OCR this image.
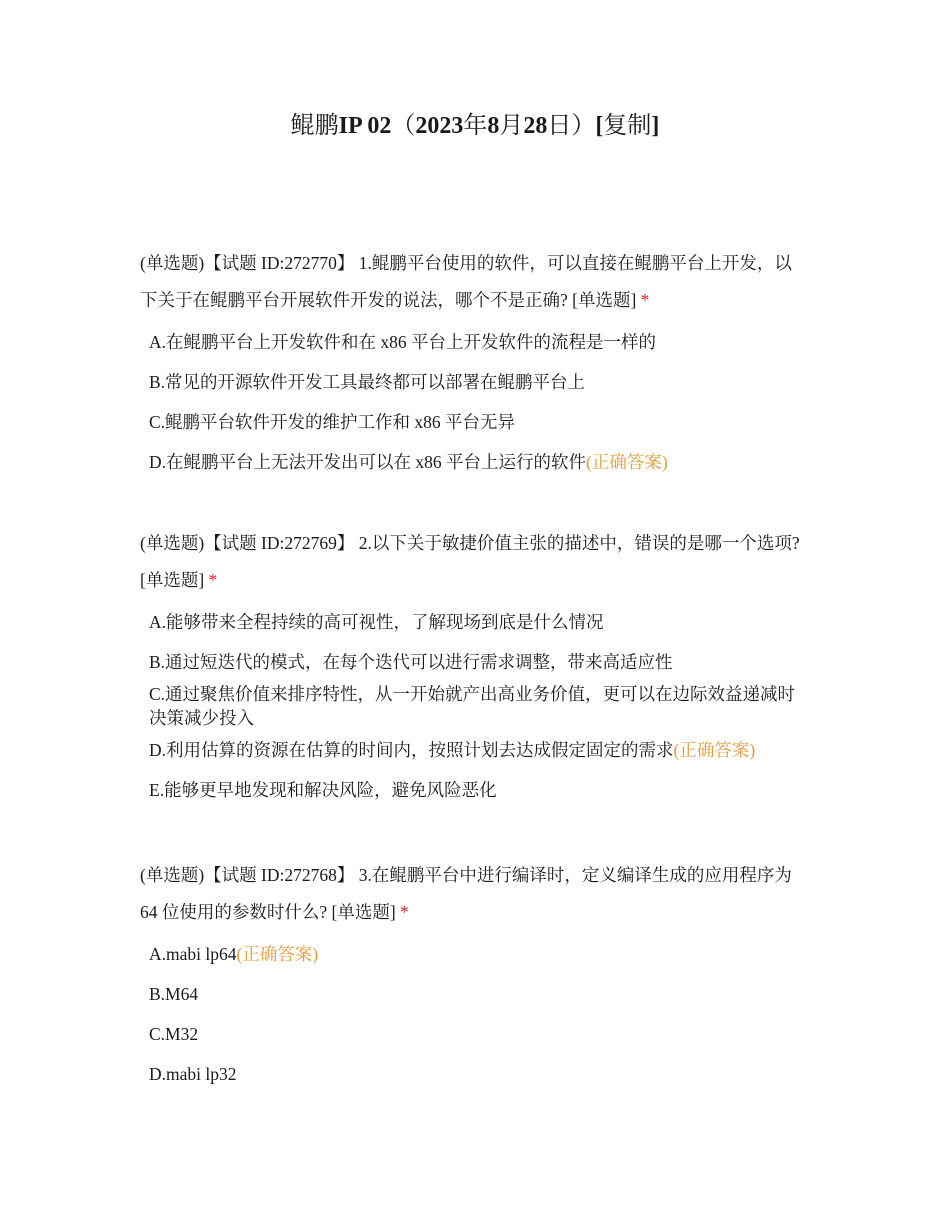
鲲鹏IP 02（2023年8月28日）[复制]

(单选题)【试题 ID:272770】 1.鲲鹏平台使用的软件，可以直接在鲲鹏平台上开发，以下关于在鲲鹏平台开展软件开发的说法，哪个不是正确? [单选题] *

A.在鲲鹏平台上开发软件和在 x86 平台上开发软件的流程是一样的
B.常见的开源软件开发工具最终都可以部署在鲲鹏平台上
C.鲲鹏平台软件开发的维护工作和 x86 平台无异
D.在鲲鹏平台上无法开发出可以在 x86 平台上运行的软件(正确答案)

(单选题)【试题 ID:272769】 2.以下关于敏捷价值主张的描述中，错误的是哪一个选项? [单选题] *

A.能够带来全程持续的高可视性，了解现场到底是什么情况
B.通过短迭代的模式，在每个迭代可以进行需求调整，带来高适应性
C.通过聚焦价值来排序特性，从一开始就产出高业务价值，更可以在边际效益递减时决策减少投入
D.利用估算的资源在估算的时间内，按照计划去达成假定固定的需求(正确答案)
E.能够更早地发现和解决风险，避免风险恶化

(单选题)【试题 ID:272768】 3.在鲲鹏平台中进行编译时，定义编译生成的应用程序为 64 位使用的参数时什么? [单选题] *

A.mabi lp64(正确答案)
B.M64
C.M32
D.mabi lp32
